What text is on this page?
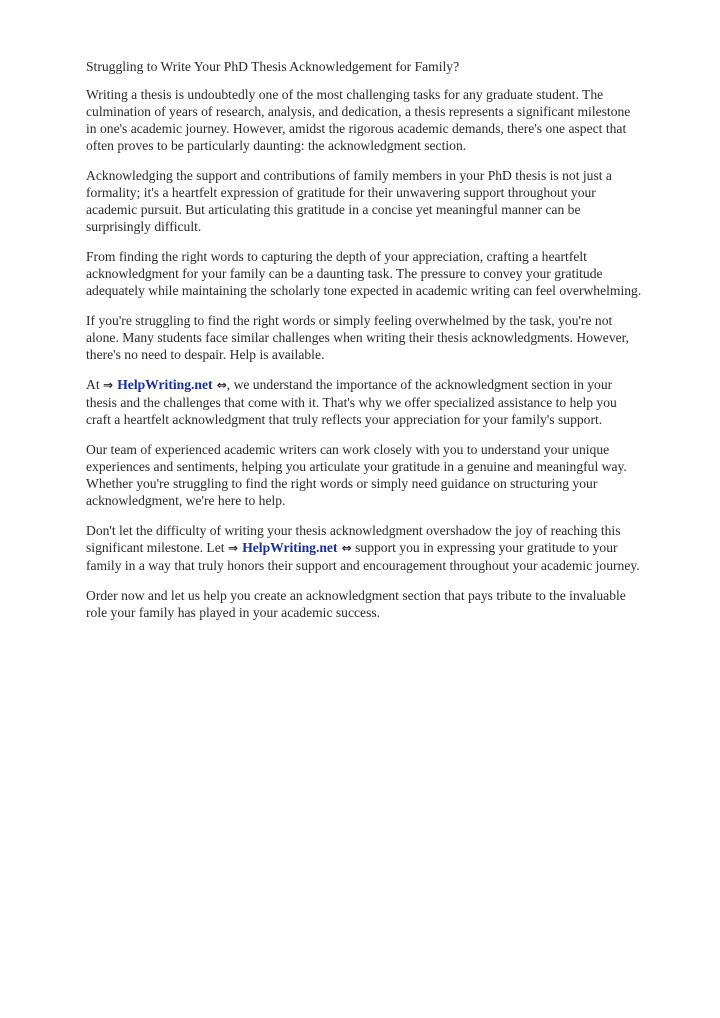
Struggling to Write Your PhD Thesis Acknowledgement for Family?

Writing a thesis is undoubtedly one of the most challenging tasks for any graduate student. The
culmination of years of research, analysis, and dedication, a thesis represents a significant milestone
in one's academic journey. However, amidst the rigorous academic demands, there's one aspect that
often proves to be particularly daunting: the acknowledgment section.

Acknowledging the support and contributions of family members in your PhD thesis is not just a
formality; it's a heartfelt expression of gratitude for their unwavering support throughout your
academic pursuit. But articulating this gratitude in a concise yet meaningful manner can be
surprisingly difficult.

From finding the right words to capturing the depth of your appreciation, crafting a heartfelt
acknowledgment for your family can be a daunting task. The pressure to convey your gratitude
adequately while maintaining the scholarly tone expected in academic writing can feel overwhelming.

If you're struggling to find the right words or simply feeling overwhelmed by the task, you're not
alone. Many students face similar challenges when writing their thesis acknowledgments. However,
there's no need to despair. Help is available.

At ⇒ HelpWriting.net ⇔, we understand the importance of the acknowledgment section in your
thesis and the challenges that come with it. That's why we offer specialized assistance to help you
craft a heartfelt acknowledgment that truly reflects your appreciation for your family's support.

Our team of experienced academic writers can work closely with you to understand your unique
experiences and sentiments, helping you articulate your gratitude in a genuine and meaningful way.
Whether you're struggling to find the right words or simply need guidance on structuring your
acknowledgment, we're here to help.

Don't let the difficulty of writing your thesis acknowledgment overshadow the joy of reaching this
significant milestone. Let ⇒ HelpWriting.net ⇔ support you in expressing your gratitude to your
family in a way that truly honors their support and encouragement throughout your academic journey.

Order now and let us help you create an acknowledgment section that pays tribute to the invaluable
role your family has played in your academic success.
